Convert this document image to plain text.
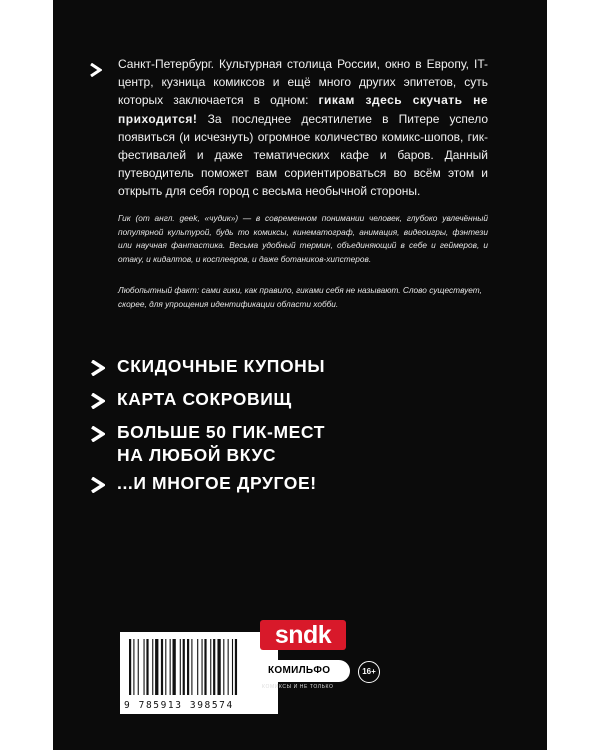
Санкт-Петербург. Культурная столица России, окно в Европу, IT-центр, кузница комиксов и ещё много других эпитетов, суть которых заключается в одном: гикам здесь скучать не приходится! За последнее десятилетие в Питере успело появиться (и исчезнуть) огромное количество комикс-шопов, гик-фестивалей и даже тематических кафе и баров. Данный путеводитель поможет вам сориентироваться во всём этом и открыть для себя город с весьма необычной стороны.

Гик (от англ. geek, «чудик») — в современном понимании человек, глубоко увлечённый популярной культурой, будь то комиксы, кинематограф, анимация, видеоигры, фэнтези или научная фантастика. Весьма удобный термин, объединяющий в себе и геймеров, и отаку, и кидалтов, и косплееров, и даже ботаников-хипстеров.

Любопытный факт: сами гики, как правило, гиками себя не называют. Слово существует, скорее, для упрощения идентификации области хобби.

СКИДОЧНЫЕ КУПОНЫ

КАРТА СОКРОВИЩ

БОЛЬШЕ 50 ГИК-МЕСТ

НА ЛЮБОЙ ВКУС

...И МНОГОЕ ДРУГОЕ!

9 785913 398574
sndk
КОМИЛЬФО
КОМИКСЫ И НЕ ТОЛЬКО
16+
